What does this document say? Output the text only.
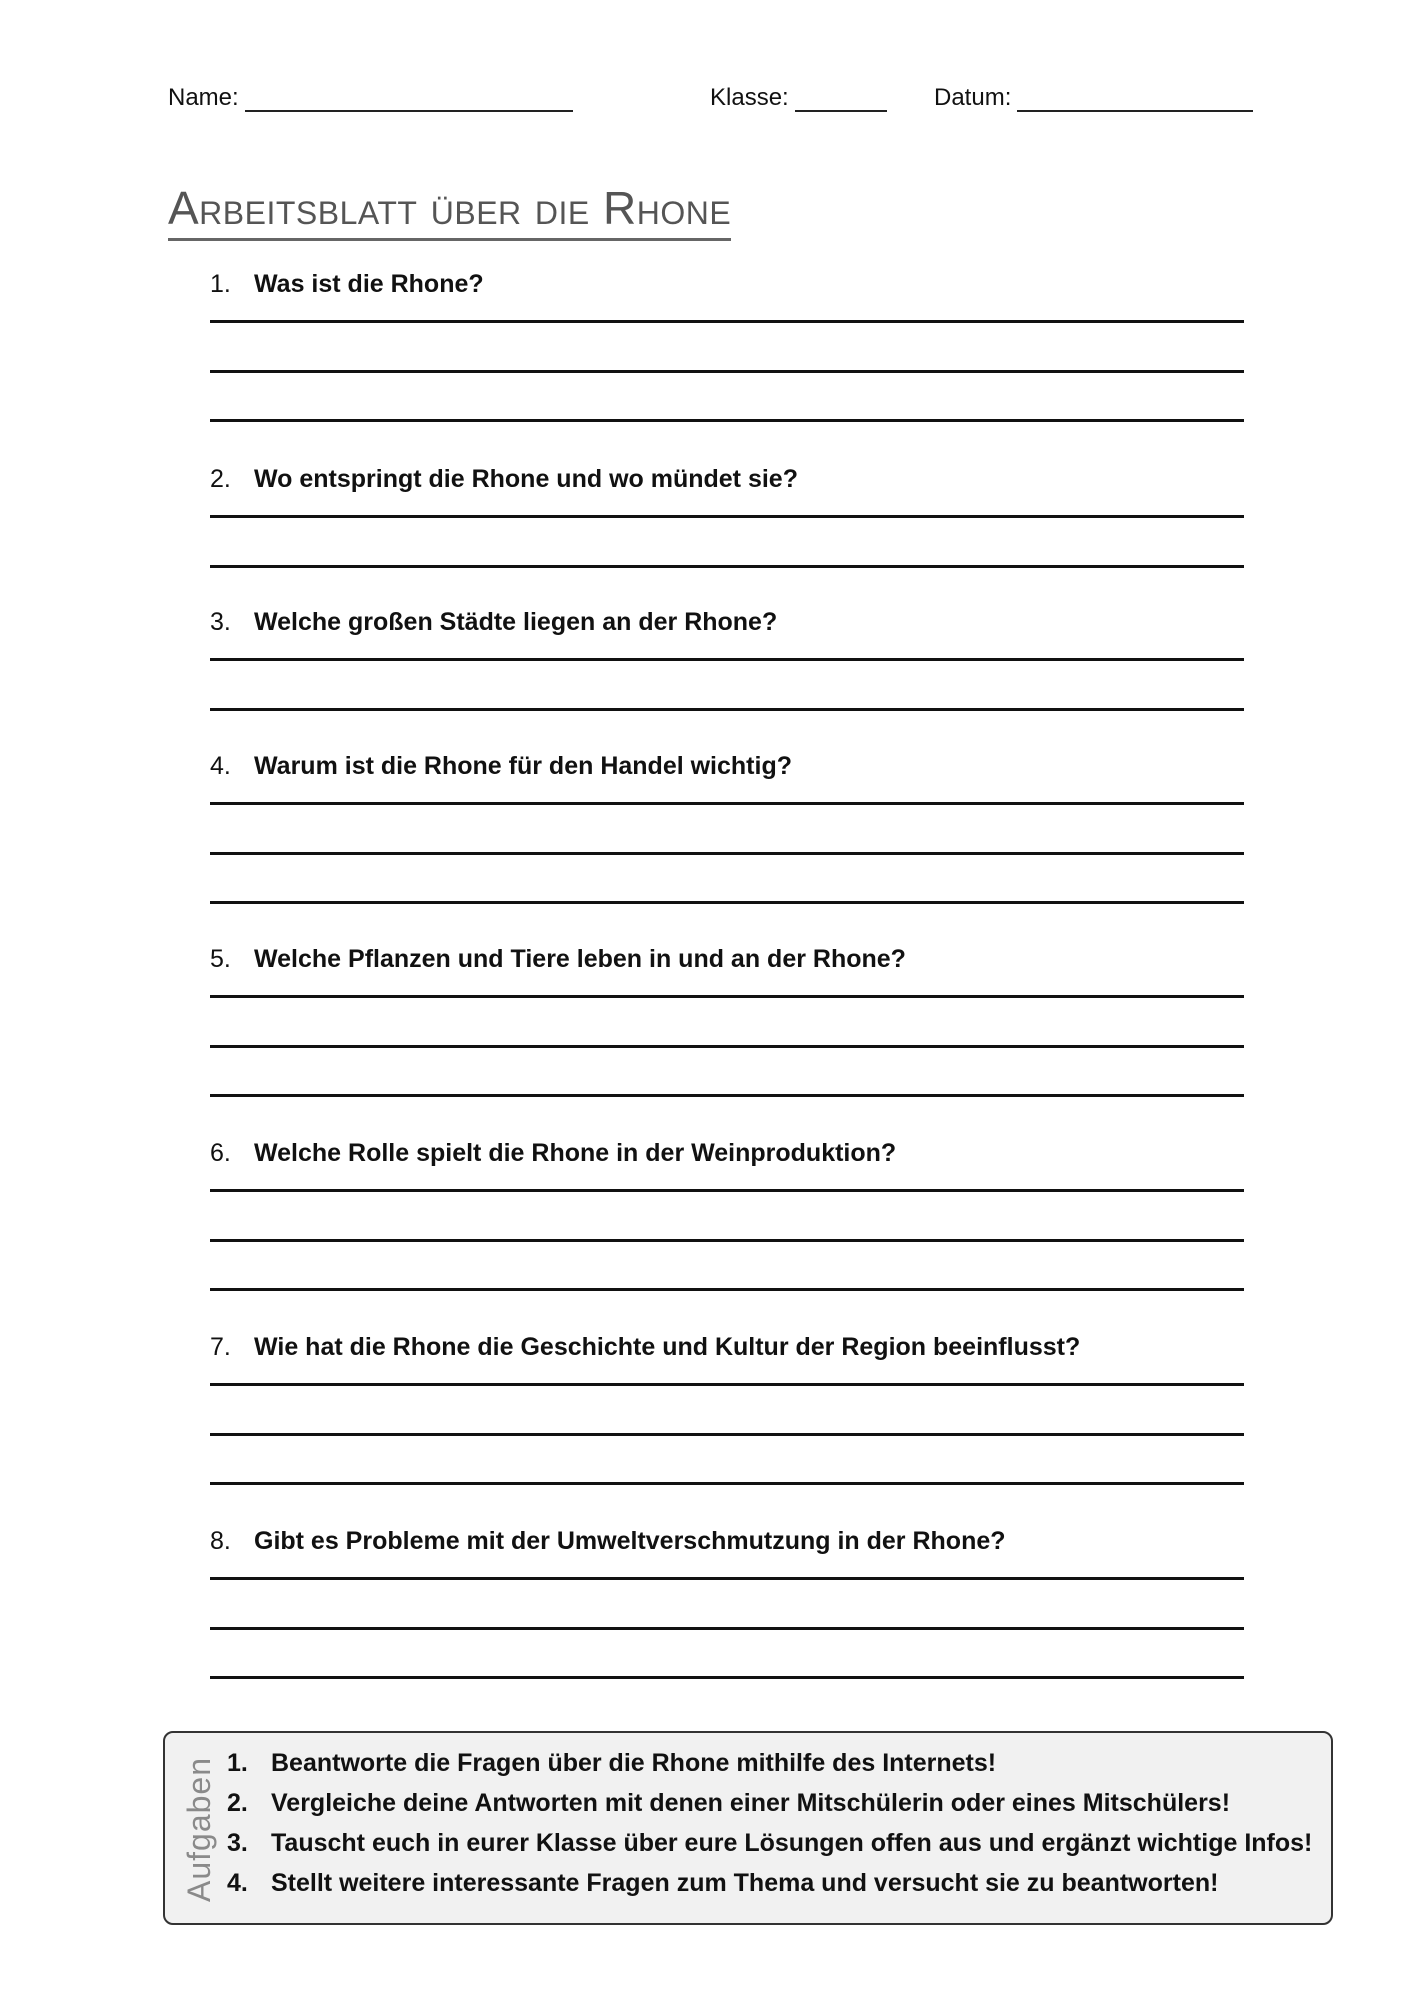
Name:	Klasse:	Datum:
Arbeitsblatt über die Rhone
1. Was ist die Rhone?
2. Wo entspringt die Rhone und wo mündet sie?
3. Welche großen Städte liegen an der Rhone?
4. Warum ist die Rhone für den Handel wichtig?
5. Welche Pflanzen und Tiere leben in und an der Rhone?
6. Welche Rolle spielt die Rhone in der Weinproduktion?
7. Wie hat die Rhone die Geschichte und Kultur der Region beeinflusst?
8. Gibt es Probleme mit der Umweltverschmutzung in der Rhone?
Aufgaben 1. Beantworte die Fragen über die Rhone mithilfe des Internets!
2. Vergleiche deine Antworten mit denen einer Mitschülerin oder eines Mitschülers!
3. Tauscht euch in eurer Klasse über eure Lösungen offen aus und ergänzt wichtige Infos!
4. Stellt weitere interessante Fragen zum Thema und versucht sie zu beantworten!
